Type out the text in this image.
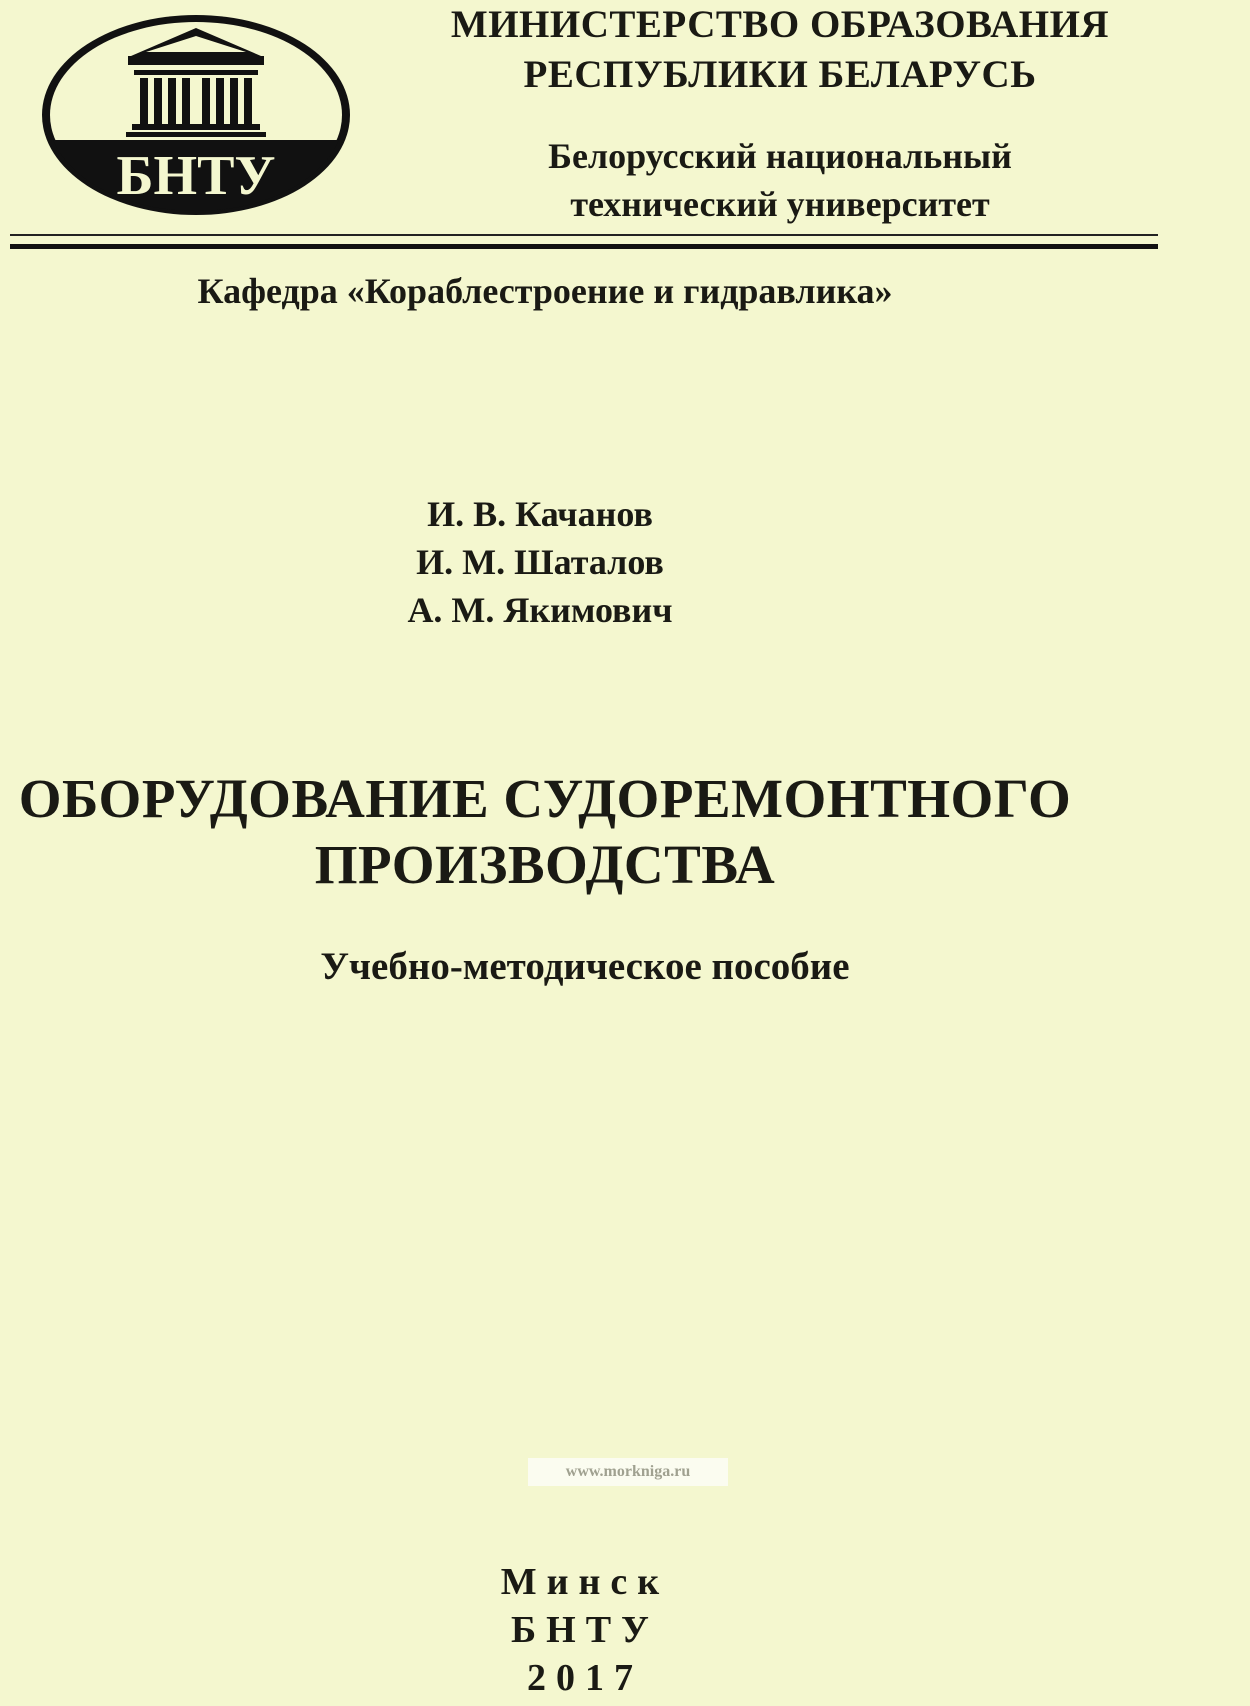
БНТУ
МИНИСТЕРСТВО ОБРАЗОВАНИЯ
РЕСПУБЛИКИ БЕЛАРУСЬ
Белорусский национальный
технический университет
Кафедра «Кораблестроение и гидравлика»
И. В. Качанов
И. М. Шаталов
А. М. Якимович
ОБОРУДОВАНИЕ СУДОРЕМОНТНОГО
ПРОИЗВОДСТВА
Учебно-методическое пособие
www.morkniga.ru
Минск
БНТУ
2017
